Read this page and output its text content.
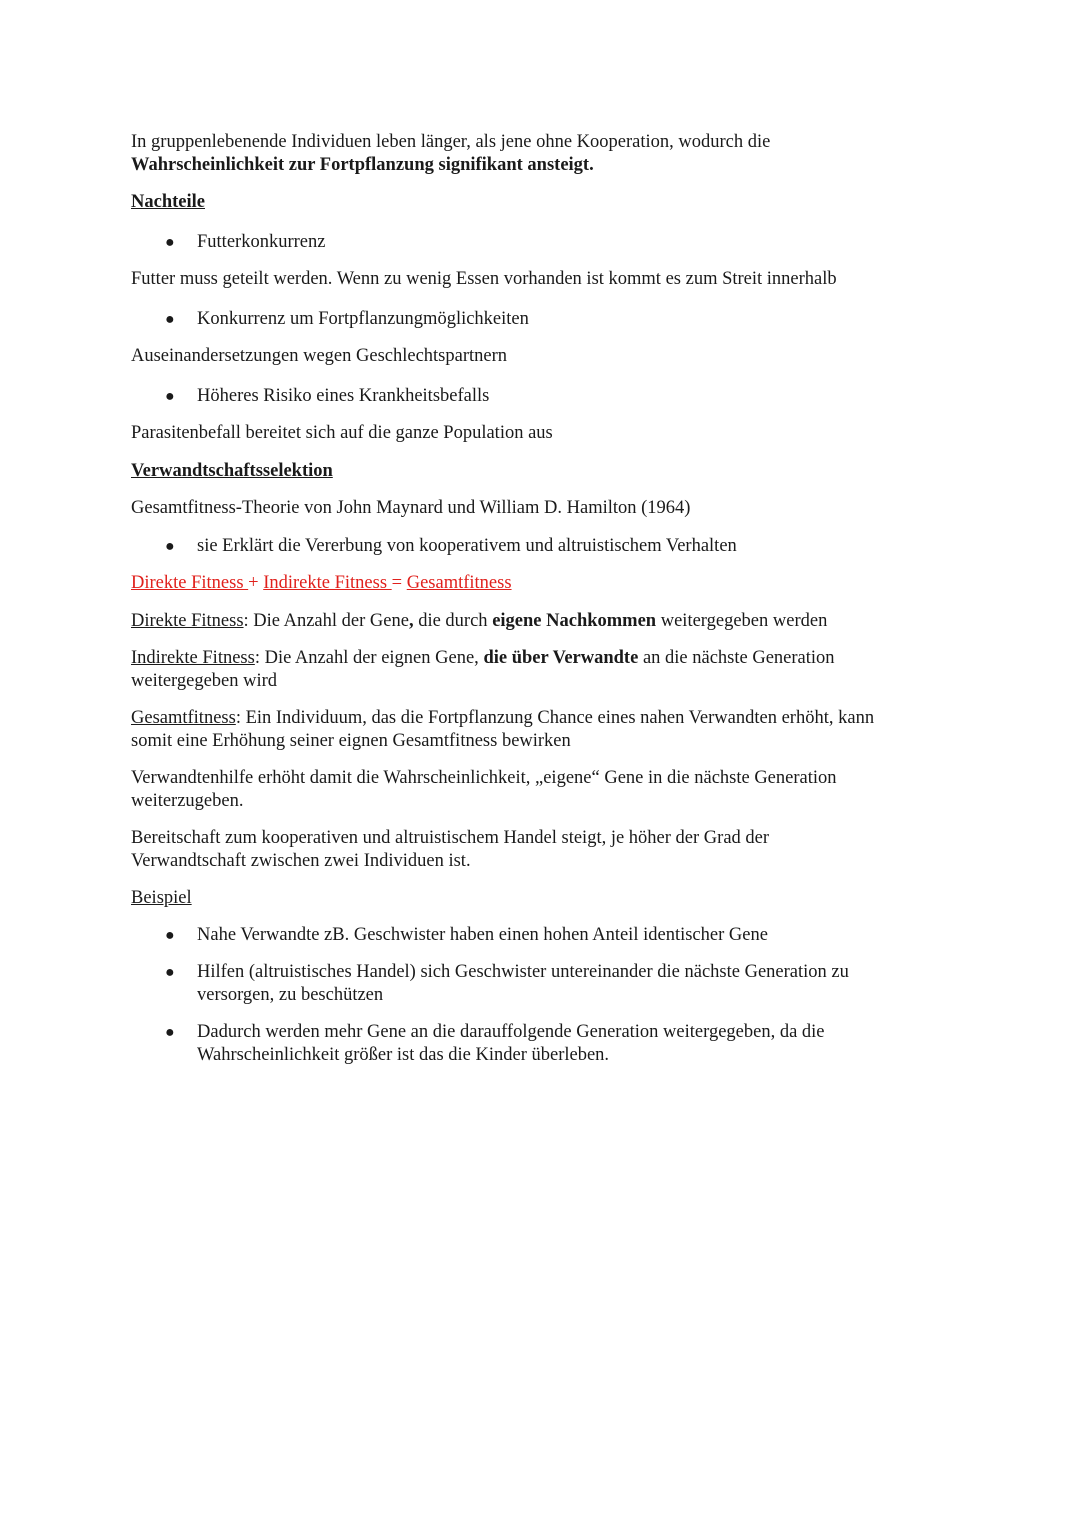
In gruppenlebenende Individuen leben länger, als jene ohne Kooperation, wodurch die
Wahrscheinlichkeit zur Fortpflanzung signifikant ansteigt.

Nachteile

● Futterkonkurrenz

Futter muss geteilt werden. Wenn zu wenig Essen vorhanden ist kommt es zum Streit innerhalb

● Konkurrenz um Fortpflanzungmöglichkeiten

Auseinandersetzungen wegen Geschlechtspartnern

● Höheres Risiko eines Krankheitsbefalls

Parasitenbefall bereitet sich auf die ganze Population aus

Verwandtschaftsselektion

Gesamtfitness-Theorie von John Maynard und William D. Hamilton (1964)

● sie Erklärt die Vererbung von kooperativem und altruistischem Verhalten

Direkte Fitness + Indirekte Fitness = Gesamtfitness

Direkte Fitness: Die Anzahl der Gene, die durch eigene Nachkommen weitergegeben werden

Indirekte Fitness: Die Anzahl der eignen Gene, die über Verwandte an die nächste Generation
weitergegeben wird

Gesamtfitness: Ein Individuum, das die Fortpflanzung Chance eines nahen Verwandten erhöht, kann
somit eine Erhöhung seiner eignen Gesamtfitness bewirken

Verwandtenhilfe erhöht damit die Wahrscheinlichkeit, „eigene“ Gene in die nächste Generation
weiterzugeben.

Bereitschaft zum kooperativen und altruistischem Handel steigt, je höher der Grad der
Verwandtschaft zwischen zwei Individuen ist.

Beispiel

● Nahe Verwandte zB. Geschwister haben einen hohen Anteil identischer Gene
● Hilfen (altruistisches Handel) sich Geschwister untereinander die nächste Generation zu
versorgen, zu beschützen
● Dadurch werden mehr Gene an die darauffolgende Generation weitergegeben, da die
Wahrscheinlichkeit größer ist das die Kinder überleben.
